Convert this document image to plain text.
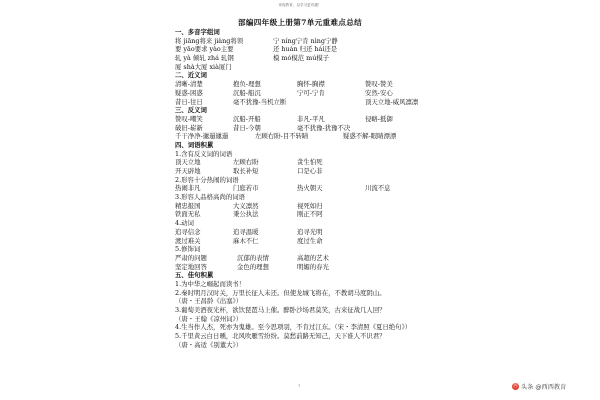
家庭教育，以学习更有趣！
部编四年级上册第7单元重难点总结
一、多音字组词
将 jiāng将来 jiàng将领	宁 níng宁肯 nìng宁静
要 yāo要求 yào主要	还 huán 归还 hái还是
轧 yà 倾轧 zhá 轧钢	模 mó模范 mú模子
厦 shà大厦 xià厦门
二、近义词
清晰-清楚	抱负-理想	胸怀-胸襟	赞叹-赞美
疑惑-困惑	沉船-船沉	宁可-宁肯	安然-安心
昔日-往日	毫不犹豫-当机立断	顶天立地-威风凛凛
三、反义词
赞叹-嘲笑	沉船-开船	非凡-平凡	侵略-抵御
破旧-崭新	昔日-今朝	毫不犹豫-犹豫不决
千干净净-邋遢邋遢	左顾右盼-目不转睛	疑惑不解-眼睛漂漂
四、词语积累
1.含有反义词的词语
顶天立地	左顾右盼	贪生怕死
开天辟地	取长补短	口是心非
2.形容十分热闹的词语
热闹非凡	门庭若市	热火朝天	川流不息
3.形容人品格高尚的词语
精忠报国	大义凛然	视死如归
铁面无私	秉公执法	刚正不阿
4.动词
追寻信念	追寻温暖	追寻光明
渡过难关	麻木不仁	度过生命
5.修饰词
严肃的问题	沉郁的表情	高超的艺术
坚定地回答	金色的理想	明媚的春光
五、佳句积累
1.为中华之崛起而读书！
2.秦时明月汉时关，万里长征人未还。但使龙城飞将在，不教胡马度阴山。
（唐・王昌龄《出塞》）
3.葡萄美酒夜光杯，欲饮琵琶马上催。醉卧沙场君莫笑，古来征战几人回？
（唐・王翰《凉州词》）
4.生当作人杰，死亦为鬼雄。至今思项羽，不肯过江东。（宋・李清照《夏日绝句》）
5.千里黄云白日曛，北风吹雁雪纷纷。莫愁前路无知己，天下谁人不识君？
（唐・高适《别董大》）
7	西 头条 @西西教育
